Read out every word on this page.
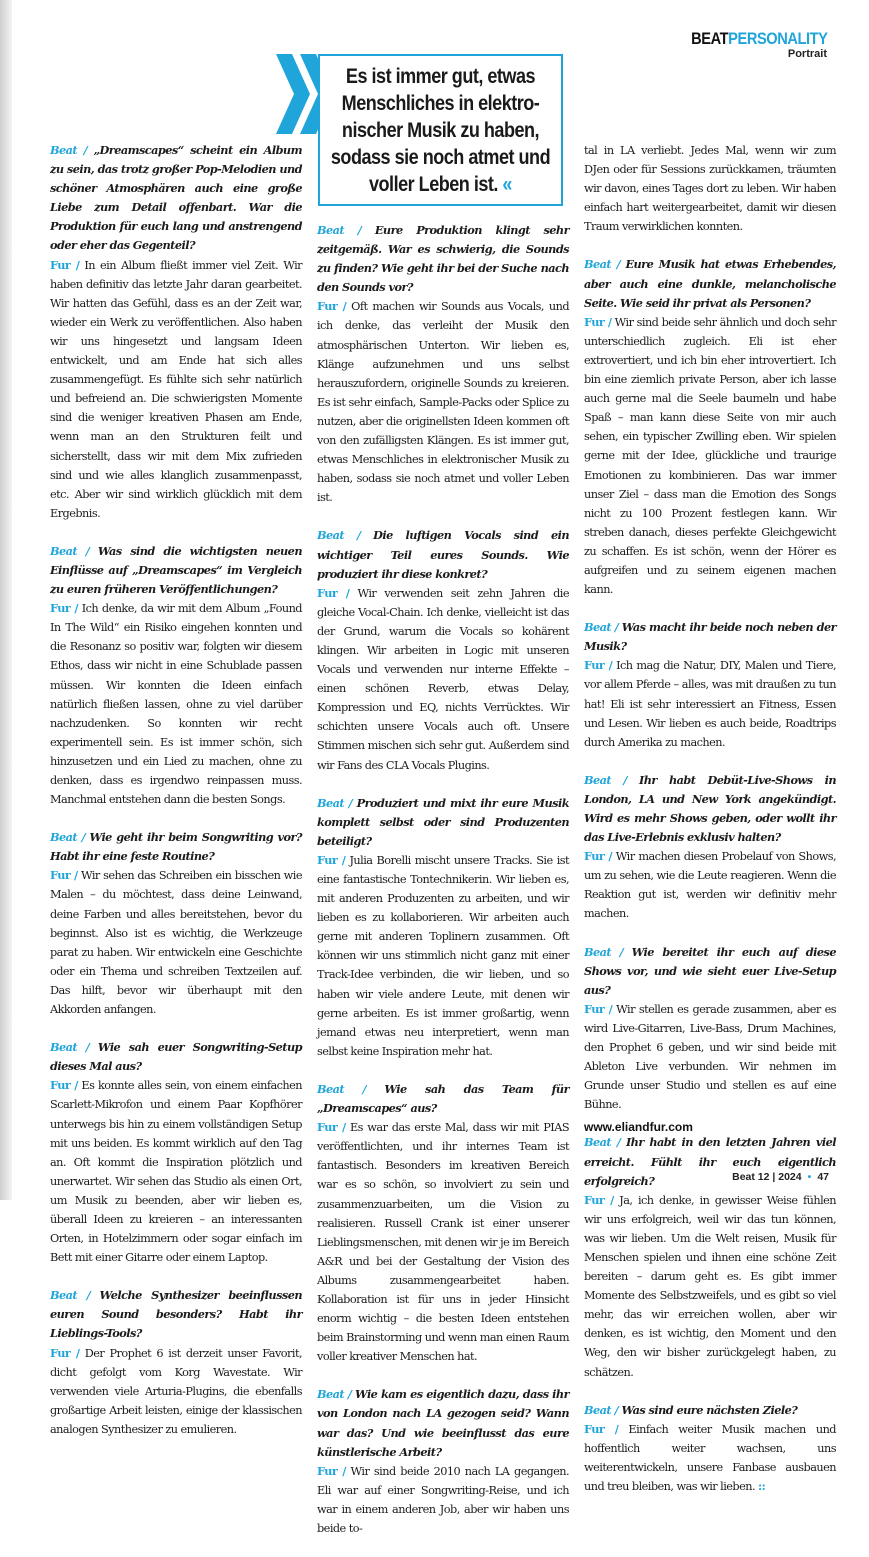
BEATPERSONALITY
Portrait
Es ist immer gut, etwas
Menschliches in elektro-
nischer Musik zu haben,
sodass sie noch atmet und
voller Leben ist. «

Beat / „Dreamscapes“ scheint ein Album zu sein, das trotz großer Pop-Melodien und schöner Atmosphären auch eine große Liebe zum Detail offenbart. War die Produktion für euch lang und anstrengend oder eher das Gegenteil?

Fur / In ein Album fließt immer viel Zeit. Wir haben definitiv das letzte Jahr daran gearbeitet. Wir hatten das Gefühl, dass es an der Zeit war, wieder ein Werk zu veröffentlichen. Also haben wir uns hingesetzt und langsam Ideen entwickelt, und am Ende hat sich alles zusammengefügt. Es fühlte sich sehr natürlich und befreiend an. Die schwierigsten Momente sind die weniger kreativen Phasen am Ende, wenn man an den Strukturen feilt und sicherstellt, dass wir mit dem Mix zufrieden sind und wie alles klanglich zusammenpasst, etc. Aber wir sind wirklich glücklich mit dem Ergebnis.

Beat / Was sind die wichtigsten neuen Einflüsse auf „Dreamscapes“ im Vergleich zu euren früheren Veröffentlichungen?

Fur / Ich denke, da wir mit dem Album „Found In The Wild“ ein Risiko eingehen konnten und die Resonanz so positiv war, folgten wir diesem Ethos, dass wir nicht in eine Schublade passen müssen. Wir konnten die Ideen einfach natürlich fließen lassen, ohne zu viel darüber nachzudenken. So konnten wir recht experimentell sein. Es ist immer schön, sich hinzusetzen und ein Lied zu machen, ohne zu denken, dass es irgendwo reinpassen muss. Manchmal entstehen dann die besten Songs.

Beat / Wie geht ihr beim Songwriting vor? Habt ihr eine feste Routine?

Fur / Wir sehen das Schreiben ein bisschen wie Malen – du möchtest, dass deine Leinwand, deine Farben und alles bereitstehen, bevor du beginnst. Also ist es wichtig, die Werkzeuge parat zu haben. Wir entwickeln eine Geschichte oder ein Thema und schreiben Textzeilen auf. Das hilft, bevor wir überhaupt mit den Akkorden anfangen.

Beat / Wie sah euer Songwriting-Setup dieses Mal aus?

Fur / Es konnte alles sein, von einem einfachen Scarlett-Mikrofon und einem Paar Kopfhörer unterwegs bis hin zu einem vollständigen Setup mit uns beiden. Es kommt wirklich auf den Tag an. Oft kommt die Inspiration plötzlich und unerwartet. Wir sehen das Studio als einen Ort, um Musik zu beenden, aber wir lieben es, überall Ideen zu kreieren – an interessanten Orten, in Hotelzimmern oder sogar einfach im Bett mit einer Gitarre oder einem Laptop.

Beat / Welche Synthesizer beeinflussen euren Sound besonders? Habt ihr Lieblings-Tools?

Fur / Der Prophet 6 ist derzeit unser Favorit, dicht gefolgt vom Korg Wavestate. Wir verwenden viele Arturia-Plugins, die ebenfalls großartige Arbeit leisten, einige der klassischen analogen Synthesizer zu emulieren.

Beat / Eure Produktion klingt sehr zeitgemäß. War es schwierig, die Sounds zu finden? Wie geht ihr bei der Suche nach den Sounds vor?

Fur / Oft machen wir Sounds aus Vocals, und ich denke, das verleiht der Musik den atmosphärischen Unterton. Wir lieben es, Klänge aufzunehmen und uns selbst herauszufordern, originelle Sounds zu kreieren. Es ist sehr einfach, Sample-Packs oder Splice zu nutzen, aber die originellsten Ideen kommen oft von den zufälligsten Klängen. Es ist immer gut, etwas Menschliches in elektronischer Musik zu haben, sodass sie noch atmet und voller Leben ist.

Beat / Die luftigen Vocals sind ein wichtiger Teil eures Sounds. Wie produziert ihr diese konkret?

Fur / Wir verwenden seit zehn Jahren die gleiche Vocal-Chain. Ich denke, vielleicht ist das der Grund, warum die Vocals so kohärent klingen. Wir arbeiten in Logic mit unseren Vocals und verwenden nur interne Effekte – einen schönen Reverb, etwas Delay, Kompression und EQ, nichts Verrücktes. Wir schichten unsere Vocals auch oft. Unsere Stimmen mischen sich sehr gut. Außerdem sind wir Fans des CLA Vocals Plugins.

Beat / Produziert und mixt ihr eure Musik komplett selbst oder sind Produzenten beteiligt?

Fur / Julia Borelli mischt unsere Tracks. Sie ist eine fantastische Tontechnikerin. Wir lieben es, mit anderen Produzenten zu arbeiten, und wir lieben es zu kollaborieren. Wir arbeiten auch gerne mit anderen Toplinern zusammen. Oft können wir uns stimmlich nicht ganz mit einer Track-Idee verbinden, die wir lieben, und so haben wir viele andere Leute, mit denen wir gerne arbeiten. Es ist immer großartig, wenn jemand etwas neu interpretiert, wenn man selbst keine Inspiration mehr hat.

Beat / Wie sah das Team für „Dreamscapes“ aus?

Fur / Es war das erste Mal, dass wir mit PIAS veröffentlichten, und ihr internes Team ist fantastisch. Besonders im kreativen Bereich war es so schön, so involviert zu sein und zusammenzuarbeiten, um die Vision zu realisieren. Russell Crank ist einer unserer Lieblingsmenschen, mit denen wir je im Bereich A&R und bei der Gestaltung der Vision des Albums zusammengearbeitet haben. Kollaboration ist für uns in jeder Hinsicht enorm wichtig – die besten Ideen entstehen beim Brainstorming und wenn man einen Raum voller kreativer Menschen hat.

Beat / Wie kam es eigentlich dazu, dass ihr von London nach LA gezogen seid? Wann war das? Und wie beeinflusst das eure künstlerische Arbeit?

Fur / Wir sind beide 2010 nach LA gegangen. Eli war auf einer Songwriting-Reise, und ich war in einem anderen Job, aber wir haben uns beide to-

tal in LA verliebt. Jedes Mal, wenn wir zum DJen oder für Sessions zurückkamen, träumten wir davon, eines Tages dort zu leben. Wir haben einfach hart weitergearbeitet, damit wir diesen Traum verwirklichen konnten.

Beat / Eure Musik hat etwas Erhebendes, aber auch eine dunkle, melancholische Seite. Wie seid ihr privat als Personen?

Fur / Wir sind beide sehr ähnlich und doch sehr unterschiedlich zugleich. Eli ist eher extrovertiert, und ich bin eher introvertiert. Ich bin eine ziemlich private Person, aber ich lasse auch gerne mal die Seele baumeln und habe Spaß – man kann diese Seite von mir auch sehen, ein typischer Zwilling eben. Wir spielen gerne mit der Idee, glückliche und traurige Emotionen zu kombinieren. Das war immer unser Ziel – dass man die Emotion des Songs nicht zu 100 Prozent festlegen kann. Wir streben danach, dieses perfekte Gleichgewicht zu schaffen. Es ist schön, wenn der Hörer es aufgreifen und zu seinem eigenen machen kann.

Beat / Was macht ihr beide noch neben der Musik?

Fur / Ich mag die Natur, DIY, Malen und Tiere, vor allem Pferde – alles, was mit draußen zu tun hat! Eli ist sehr interessiert an Fitness, Essen und Lesen. Wir lieben es auch beide, Roadtrips durch Amerika zu machen.

Beat / Ihr habt Debüt-Live-Shows in London, LA und New York angekündigt. Wird es mehr Shows geben, oder wollt ihr das Live-Erlebnis exklusiv halten?

Fur / Wir machen diesen Probelauf von Shows, um zu sehen, wie die Leute reagieren. Wenn die Reaktion gut ist, werden wir definitiv mehr machen.

Beat / Wie bereitet ihr euch auf diese Shows vor, und wie sieht euer Live-Setup aus?

Fur / Wir stellen es gerade zusammen, aber es wird Live-Gitarren, Live-Bass, Drum Machines, den Prophet 6 geben, und wir sind beide mit Ableton Live verbunden. Wir nehmen im Grunde unser Studio und stellen es auf eine Bühne.

Beat / Ihr habt in den letzten Jahren viel erreicht. Fühlt ihr euch eigentlich erfolgreich?

Fur / Ja, ich denke, in gewisser Weise fühlen wir uns erfolgreich, weil wir das tun können, was wir lieben. Um die Welt reisen, Musik für Menschen spielen und ihnen eine schöne Zeit bereiten – darum geht es. Es gibt immer Momente des Selbstzweifels, und es gibt so viel mehr, das wir erreichen wollen, aber wir denken, es ist wichtig, den Moment und den Weg, den wir bisher zurückgelegt haben, zu schätzen.

Beat / Was sind eure nächsten Ziele?

Fur / Einfach weiter Musik machen und hoffentlich weiter wachsen, uns weiterentwickeln, unsere Fanbase ausbauen und treu bleiben, was wir lieben. ::

www.eliandfur.com
Beat 12 | 2024 • 47
